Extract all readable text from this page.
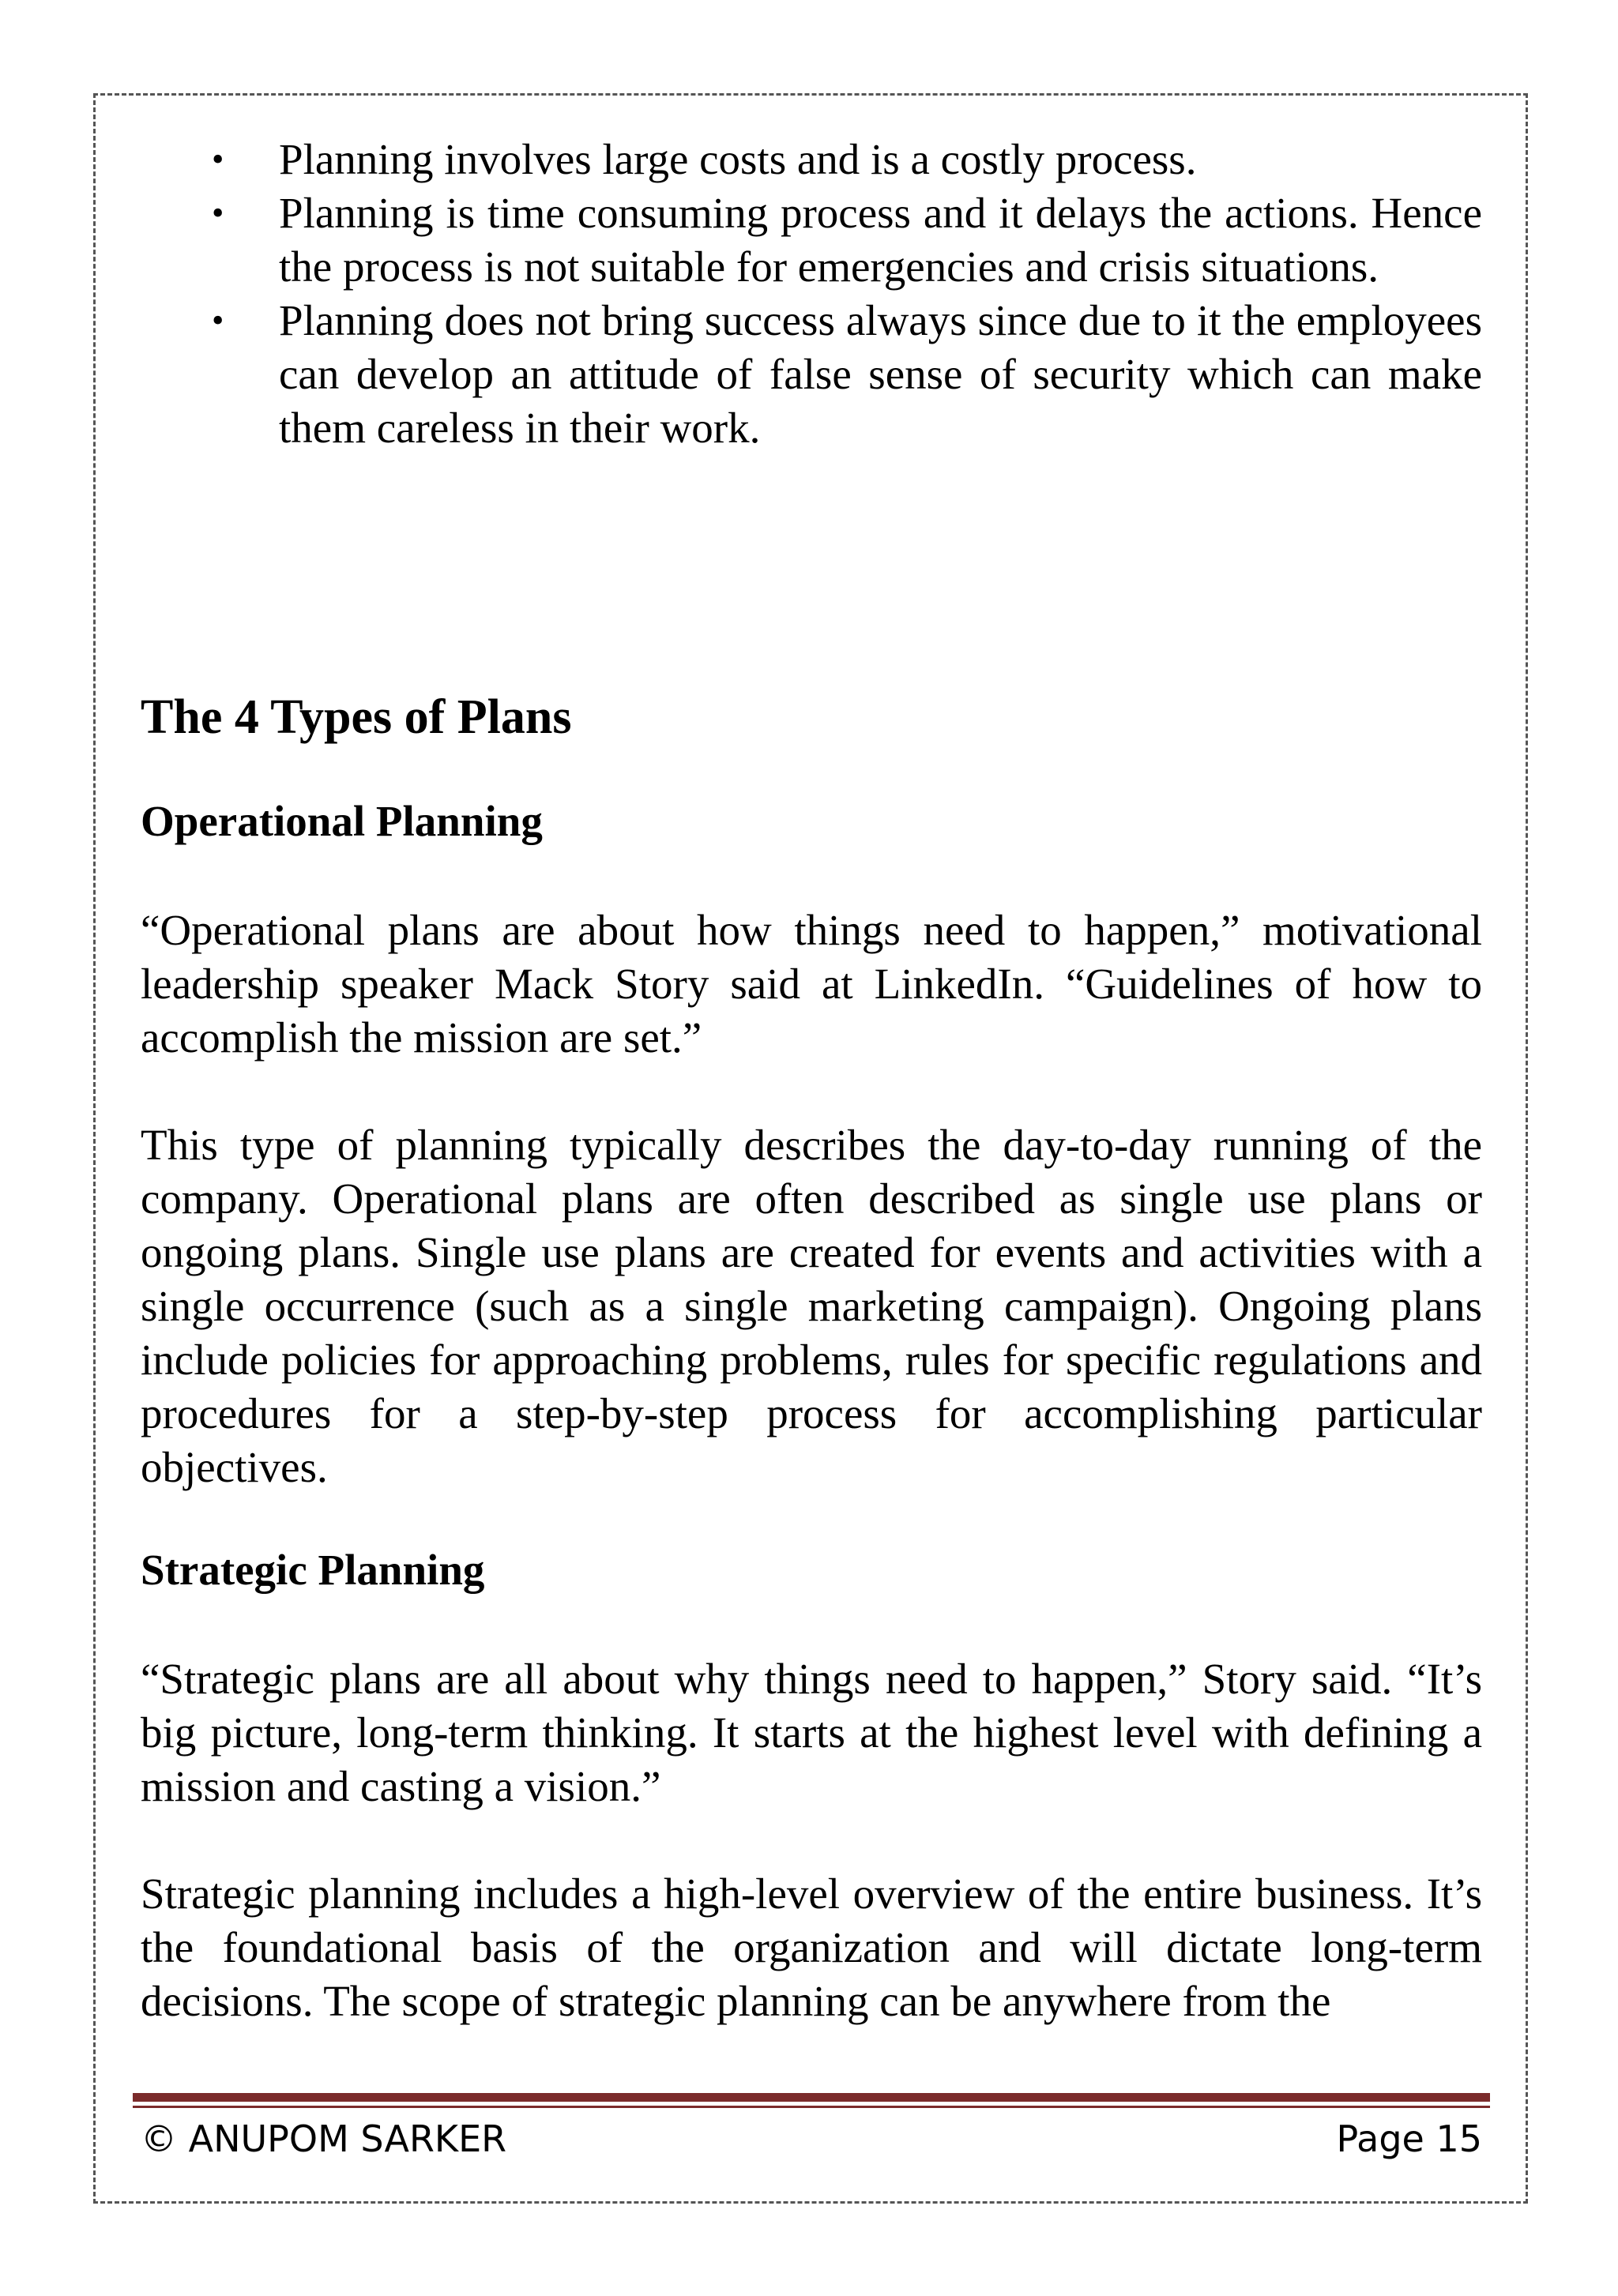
• Planning involves large costs and is a costly process.
• Planning is time consuming process and it delays the actions. Hence the process is not suitable for emergencies and crisis situations.
• Planning does not bring success always since due to it the employees can develop an attitude of false sense of security which can make them careless in their work.
The 4 Types of Plans
Operational Planning

“Operational plans are about how things need to happen,” motivational leadership speaker Mack Story said at LinkedIn. “Guidelines of how to accomplish the mission are set.”

This type of planning typically describes the day-to-day running of the company. Operational plans are often described as single use plans or ongoing plans. Single use plans are created for events and activities with a single occurrence (such as a single marketing campaign). Ongoing plans include policies for approaching problems, rules for specific regulations and procedures for a step-by-step process for accomplishing particular objectives.

Strategic Planning

“Strategic plans are all about why things need to happen,” Story said. “It’s big picture, long-term thinking. It starts at the highest level with defining a mission and casting a vision.”

Strategic planning includes a high-level overview of the entire business. It’s the foundational basis of the organization and will dictate long-term decisions. The scope of strategic planning can be anywhere from the

© ANUPOM SARKER	Page 15
